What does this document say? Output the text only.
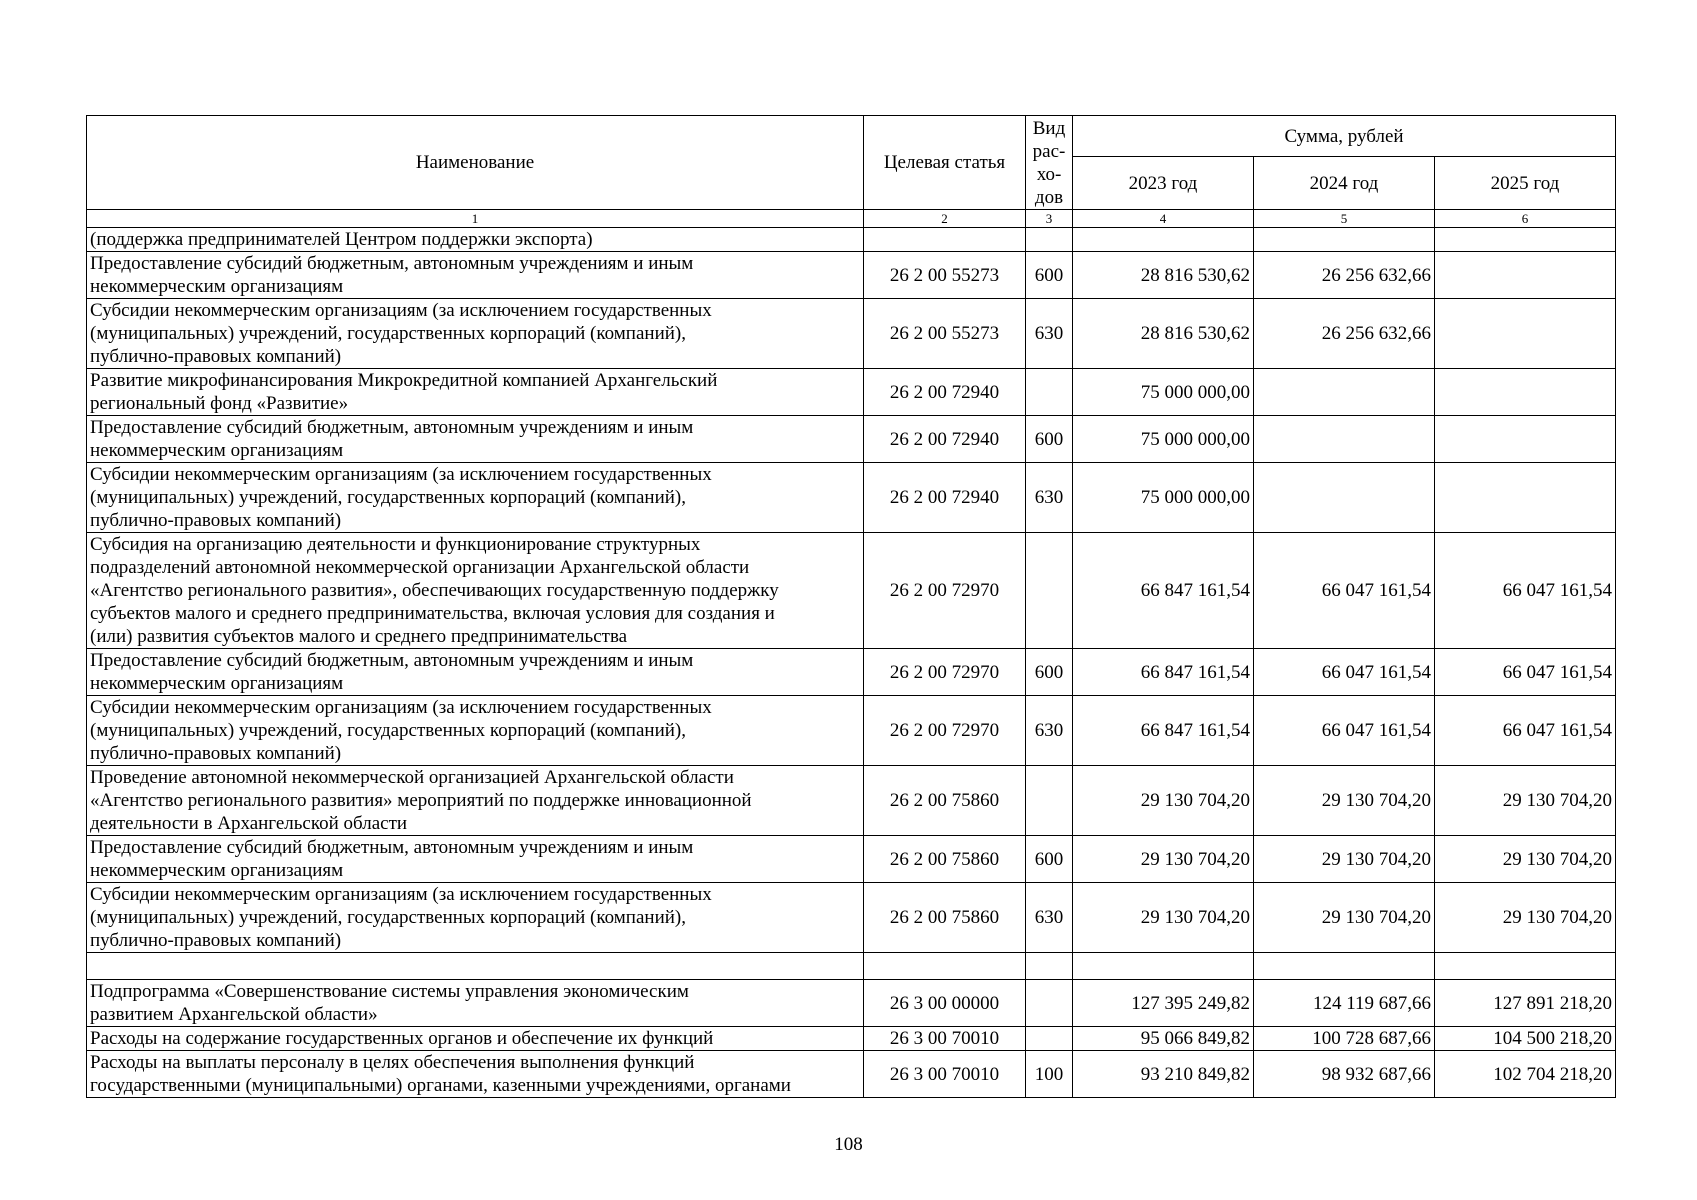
Наименование	Целевая статья	Вид
рас-
хо-
дов	Сумма, рублей		
			2023 год	2024 год	2025 год
1	2	3	4	5	6
(поддержка предпринимателей Центром поддержки экспорта)					
Предоставление субсидий бюджетным, автономным учреждениям и иным
некоммерческим организациям	26 2 00 55273	600	28 816 530,62	26 256 632,66	
Субсидии некоммерческим организациям (за исключением государственных
(муниципальных) учреждений, государственных корпораций (компаний),
публично-правовых компаний)	26 2 00 55273	630	28 816 530,62	26 256 632,66	
Развитие микрофинансирования Микрокредитной компанией Архангельский
региональный фонд «Развитие»	26 2 00 72940		75 000 000,00		
Предоставление субсидий бюджетным, автономным учреждениям и иным
некоммерческим организациям	26 2 00 72940	600	75 000 000,00		
Субсидии некоммерческим организациям (за исключением государственных
(муниципальных) учреждений, государственных корпораций (компаний),
публично-правовых компаний)	26 2 00 72940	630	75 000 000,00		
Субсидия на организацию деятельности и функционирование структурных
подразделений автономной некоммерческой организации Архангельской области
«Агентство регионального развития», обеспечивающих государственную поддержку
субъектов малого и среднего предпринимательства, включая условия для создания и
(или) развития субъектов малого и среднего предпринимательства	26 2 00 72970		66 847 161,54	66 047 161,54	66 047 161,54
Предоставление субсидий бюджетным, автономным учреждениям и иным
некоммерческим организациям	26 2 00 72970	600	66 847 161,54	66 047 161,54	66 047 161,54
Субсидии некоммерческим организациям (за исключением государственных
(муниципальных) учреждений, государственных корпораций (компаний),
публично-правовых компаний)	26 2 00 72970	630	66 847 161,54	66 047 161,54	66 047 161,54
Проведение автономной некоммерческой организацией Архангельской области
«Агентство регионального развития» мероприятий по поддержке инновационной
деятельности в Архангельской области	26 2 00 75860		29 130 704,20	29 130 704,20	29 130 704,20
Предоставление субсидий бюджетным, автономным учреждениям и иным
некоммерческим организациям	26 2 00 75860	600	29 130 704,20	29 130 704,20	29 130 704,20
Субсидии некоммерческим организациям (за исключением государственных
(муниципальных) учреждений, государственных корпораций (компаний),
публично-правовых компаний)	26 2 00 75860	630	29 130 704,20	29 130 704,20	29 130 704,20

Подпрограмма «Совершенствование системы управления экономическим
развитием Архангельской области»	26 3 00 00000		127 395 249,82	124 119 687,66	127 891 218,20
Расходы на содержание государственных органов и обеспечение их функций	26 3 00 70010		95 066 849,82	100 728 687,66	104 500 218,20
Расходы на выплаты персоналу в целях обеспечения выполнения функций
государственными (муниципальными) органами, казенными учреждениями, органами	26 3 00 70010	100	93 210 849,82	98 932 687,66	102 704 218,20
108
